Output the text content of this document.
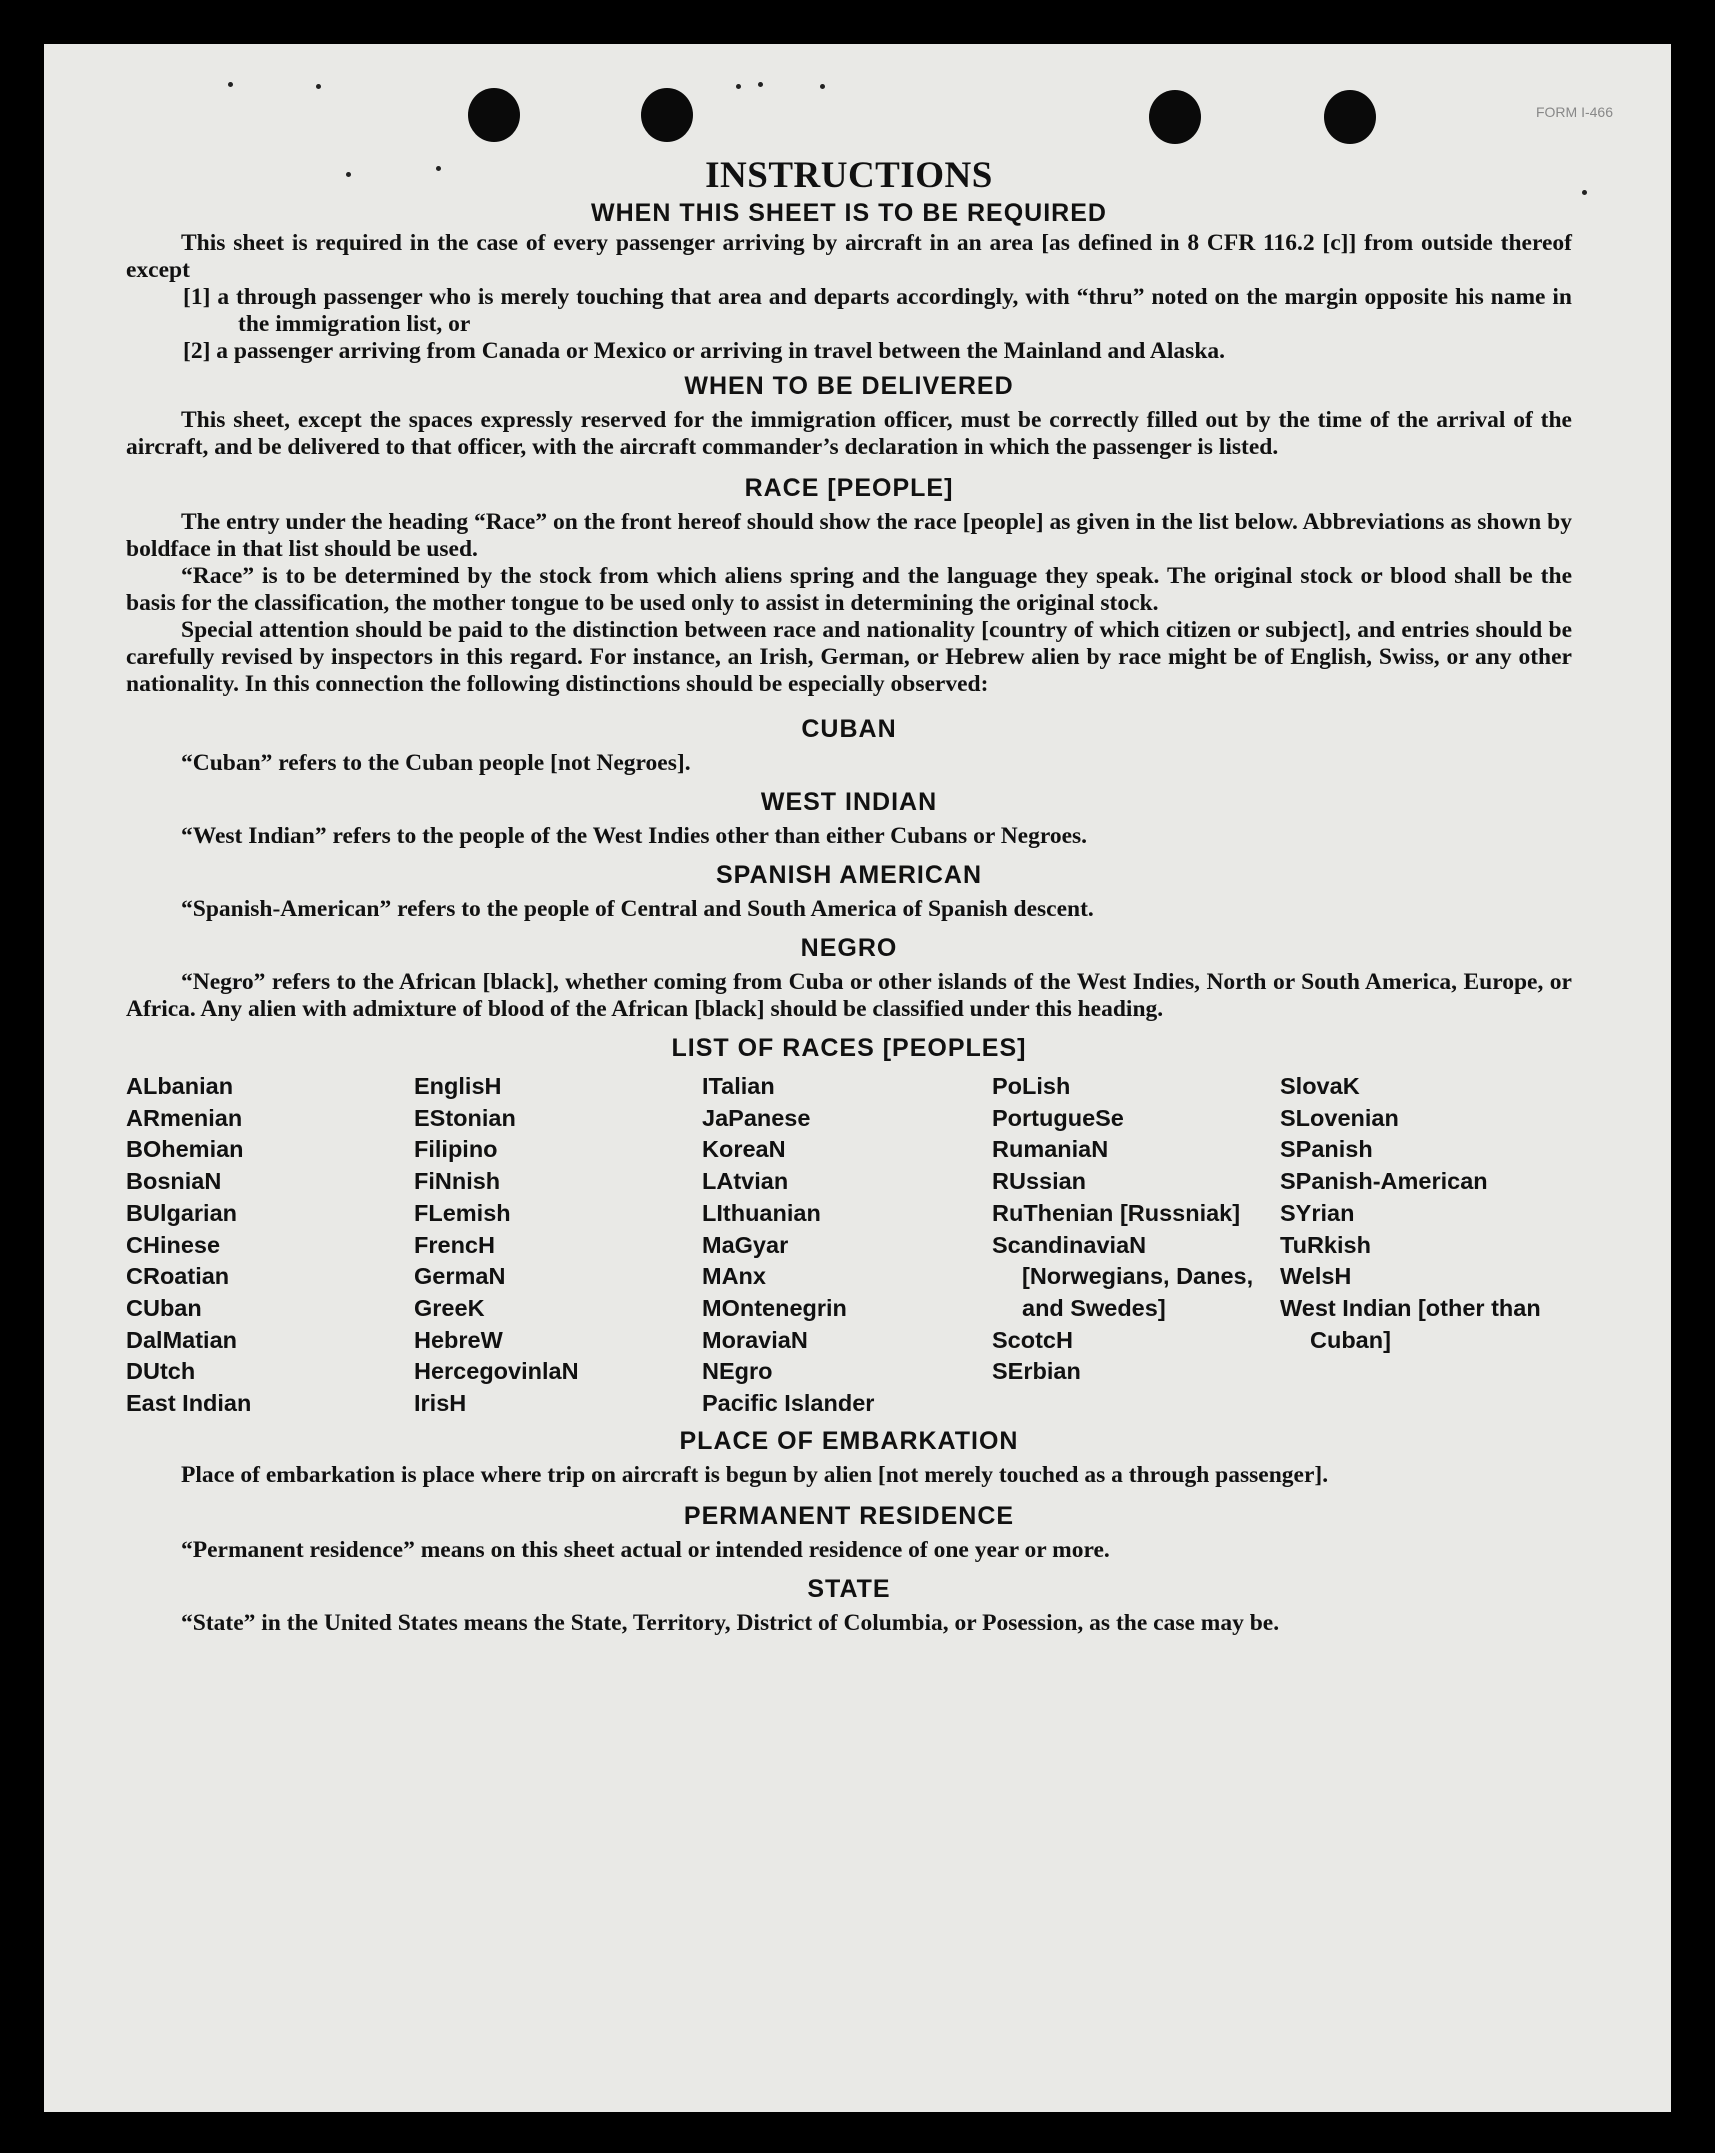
FORM I-466
INSTRUCTIONS
WHEN THIS SHEET IS TO BE REQUIRED

This sheet is required in the case of every passenger arriving by aircraft in an area [as defined in 8 CFR 116.2 [c]] from outside thereof except

[1] a through passenger who is merely touching that area and departs accordingly, with “thru” noted on the margin opposite his name in the immigration list, or

[2] a passenger arriving from Canada or Mexico or arriving in travel between the Mainland and Alaska.

WHEN TO BE DELIVERED

This sheet, except the spaces expressly reserved for the immigration officer, must be correctly filled out by the time of the arrival of the aircraft, and be delivered to that officer, with the aircraft commander’s declaration in which the passenger is listed.

RACE [PEOPLE]

The entry under the heading “Race” on the front hereof should show the race [people] as given in the list below. Abbreviations as shown by boldface in that list should be used.

“Race” is to be determined by the stock from which aliens spring and the language they speak. The original stock or blood shall be the basis for the classification, the mother tongue to be used only to assist in determining the original stock.

Special attention should be paid to the distinction between race and nationality [country of which citizen or subject], and entries should be carefully revised by inspectors in this regard. For instance, an Irish, German, or Hebrew alien by race might be of English, Swiss, or any other nationality. In this connection the following distinctions should be especially observed:

CUBAN

“Cuban” refers to the Cuban people [not Negroes].

WEST INDIAN

“West Indian” refers to the people of the West Indies other than either Cubans or Negroes.

SPANISH AMERICAN

“Spanish-American” refers to the people of Central and South America of Spanish descent.

NEGRO

“Negro” refers to the African [black], whether coming from Cuba or other islands of the West Indies, North or South America, Europe, or Africa. Any alien with admixture of blood of the African [black] should be classified under this heading.

LIST OF RACES [PEOPLES]
ALbanian
ARmenian
BOhemian
BosniaN
BUlgarian
CHinese
CRoatian
CUban
DalMatian
DUtch
East Indian
EnglisH
EStonian
Filipino
FiNnish
FLemish
FrencH
GermaN
GreeK
HebreW
HercegovinlaN
IrisH
ITalian
JaPanese
KoreaN
LAtvian
LIthuanian
MaGyar
MAnx
MOntenegrin
MoraviaN
NEgro
Pacific Islander
PoLish
PortugueSe
RumaniaN
RUssian
RuThenian [Russniak]
ScandinaviaN [Norwegians, Danes, and Swedes]
ScotcH
SErbian
SlovaK
SLovenian
SPanish
SPanish-American
SYrian
TuRkish
WelsH
West Indian [other than Cuban]
PLACE OF EMBARKATION

Place of embarkation is place where trip on aircraft is begun by alien [not merely touched as a through passenger].

PERMANENT RESIDENCE

“Permanent residence” means on this sheet actual or intended residence of one year or more.

STATE

“State” in the United States means the State, Territory, District of Columbia, or Posession, as the case may be.
